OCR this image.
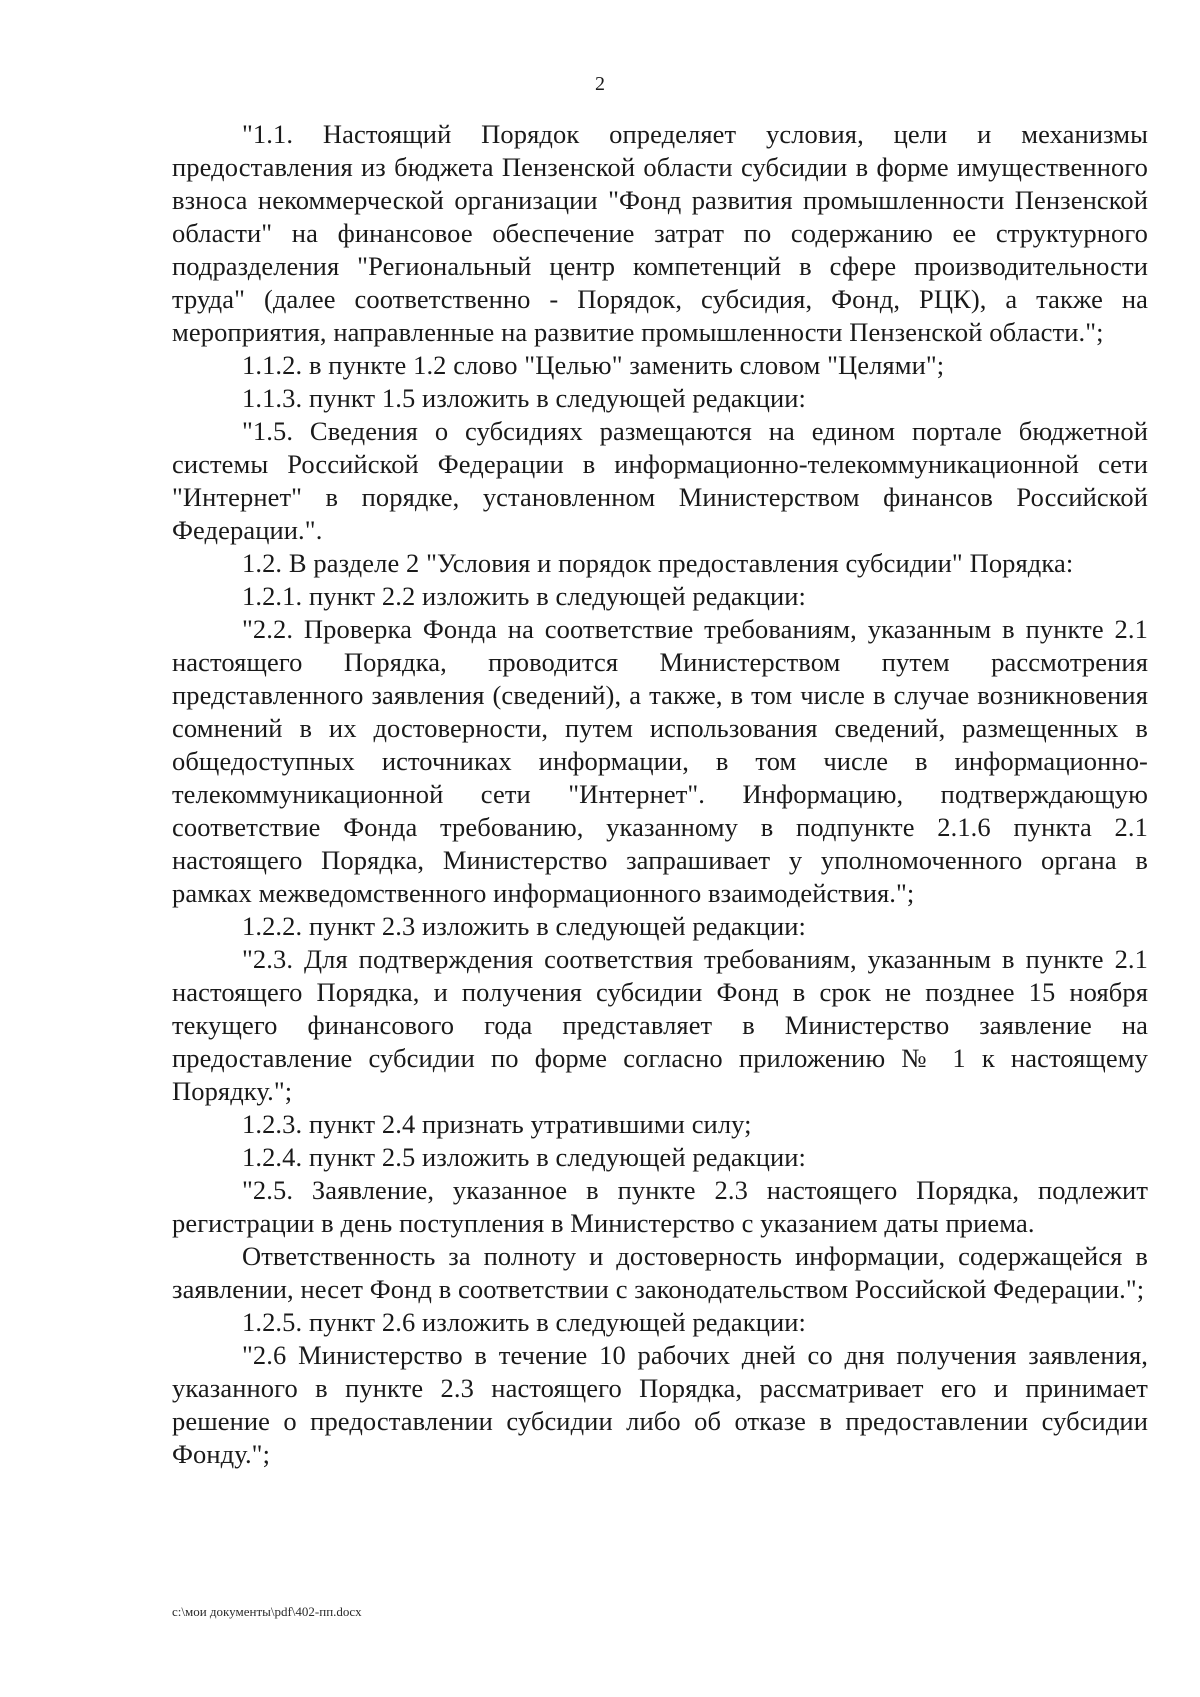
2

"1.1. Настоящий Порядок определяет условия, цели и механизмы предоставления из бюджета Пензенской области субсидии в форме имущественного взноса некоммерческой организации "Фонд развития промышленности Пензенской области" на финансовое обеспечение затрат по содержанию ее структурного подразделения "Региональный центр компетенций в сфере производительности труда" (далее соответственно - Порядок, субсидия, Фонд, РЦК), а также на мероприятия, направленные на развитие промышленности Пензенской области.";

1.1.2. в пункте 1.2 слово "Целью" заменить словом "Целями";

1.1.3. пункт 1.5 изложить в следующей редакции:

"1.5. Сведения о субсидиях размещаются на едином портале бюджетной системы Российской Федерации в информационно-телекоммуникационной сети "Интернет" в порядке, установленном Министерством финансов Российской Федерации.".

1.2. В разделе 2 "Условия и порядок предоставления субсидии" Порядка:

1.2.1. пункт 2.2 изложить в следующей редакции:

"2.2. Проверка Фонда на соответствие требованиям, указанным в пункте 2.1 настоящего Порядка, проводится Министерством путем рассмотрения представленного заявления (сведений), а также, в том числе в случае возникновения сомнений в их достоверности, путем использования сведений, размещенных в общедоступных источниках информации, в том числе в информационно-телекоммуникационной сети "Интернет". Информацию, подтверждающую соответствие Фонда требованию, указанному в подпункте 2.1.6 пункта 2.1 настоящего Порядка, Министерство запрашивает у уполномоченного органа в рамках межведомственного информационного взаимодействия.";

1.2.2. пункт 2.3 изложить в следующей редакции:

"2.3. Для подтверждения соответствия требованиям, указанным в пункте 2.1 настоящего Порядка, и получения субсидии Фонд в срок не позднее 15 ноября текущего финансового года представляет в Министерство заявление на предоставление субсидии по форме согласно приложению № 1 к настоящему Порядку.";

1.2.3. пункт 2.4 признать утратившими силу;

1.2.4. пункт 2.5 изложить в следующей редакции:

"2.5. Заявление, указанное в пункте 2.3 настоящего Порядка, подлежит регистрации в день поступления в Министерство с указанием даты приема.

Ответственность за полноту и достоверность информации, содержащейся в заявлении, несет Фонд в соответствии с законодательством Российской Федерации.";

1.2.5. пункт 2.6 изложить в следующей редакции:

"2.6 Министерство в течение 10 рабочих дней со дня получения заявления, указанного в пункте 2.3 настоящего Порядка, рассматривает его и принимает решение о предоставлении субсидии либо об отказе в предоставлении субсидии Фонду.";

c:\мои документы\pdf\402-пп.docx
